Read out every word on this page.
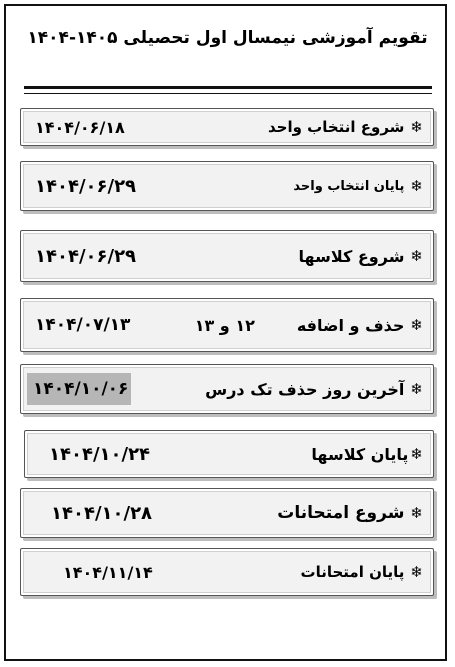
تقویم آموزشی نیمسال اول تحصیلی ۱۴۰۵-۱۴۰۴
❄
شروع انتخاب واحد
۱۴۰۴/۰۶/۱۸
❄
پایان انتخاب واحد
۱۴۰۴/۰۶/۲۹
❄
شروع کلاسها
۱۴۰۴/۰۶/۲۹
❄
حذف و اضافه
۱۲ و ۱۳
۱۴۰۴/۰۷/۱۳
❄
آخرین روز حذف تک درس
۱۴۰۴/۱۰/۰۶
❄
پایان کلاسها
۱۴۰۴/۱۰/۲۴
❄
شروع امتحانات
۱۴۰۴/۱۰/۲۸
❄
پایان امتحانات
۱۴۰۴/۱۱/۱۴
